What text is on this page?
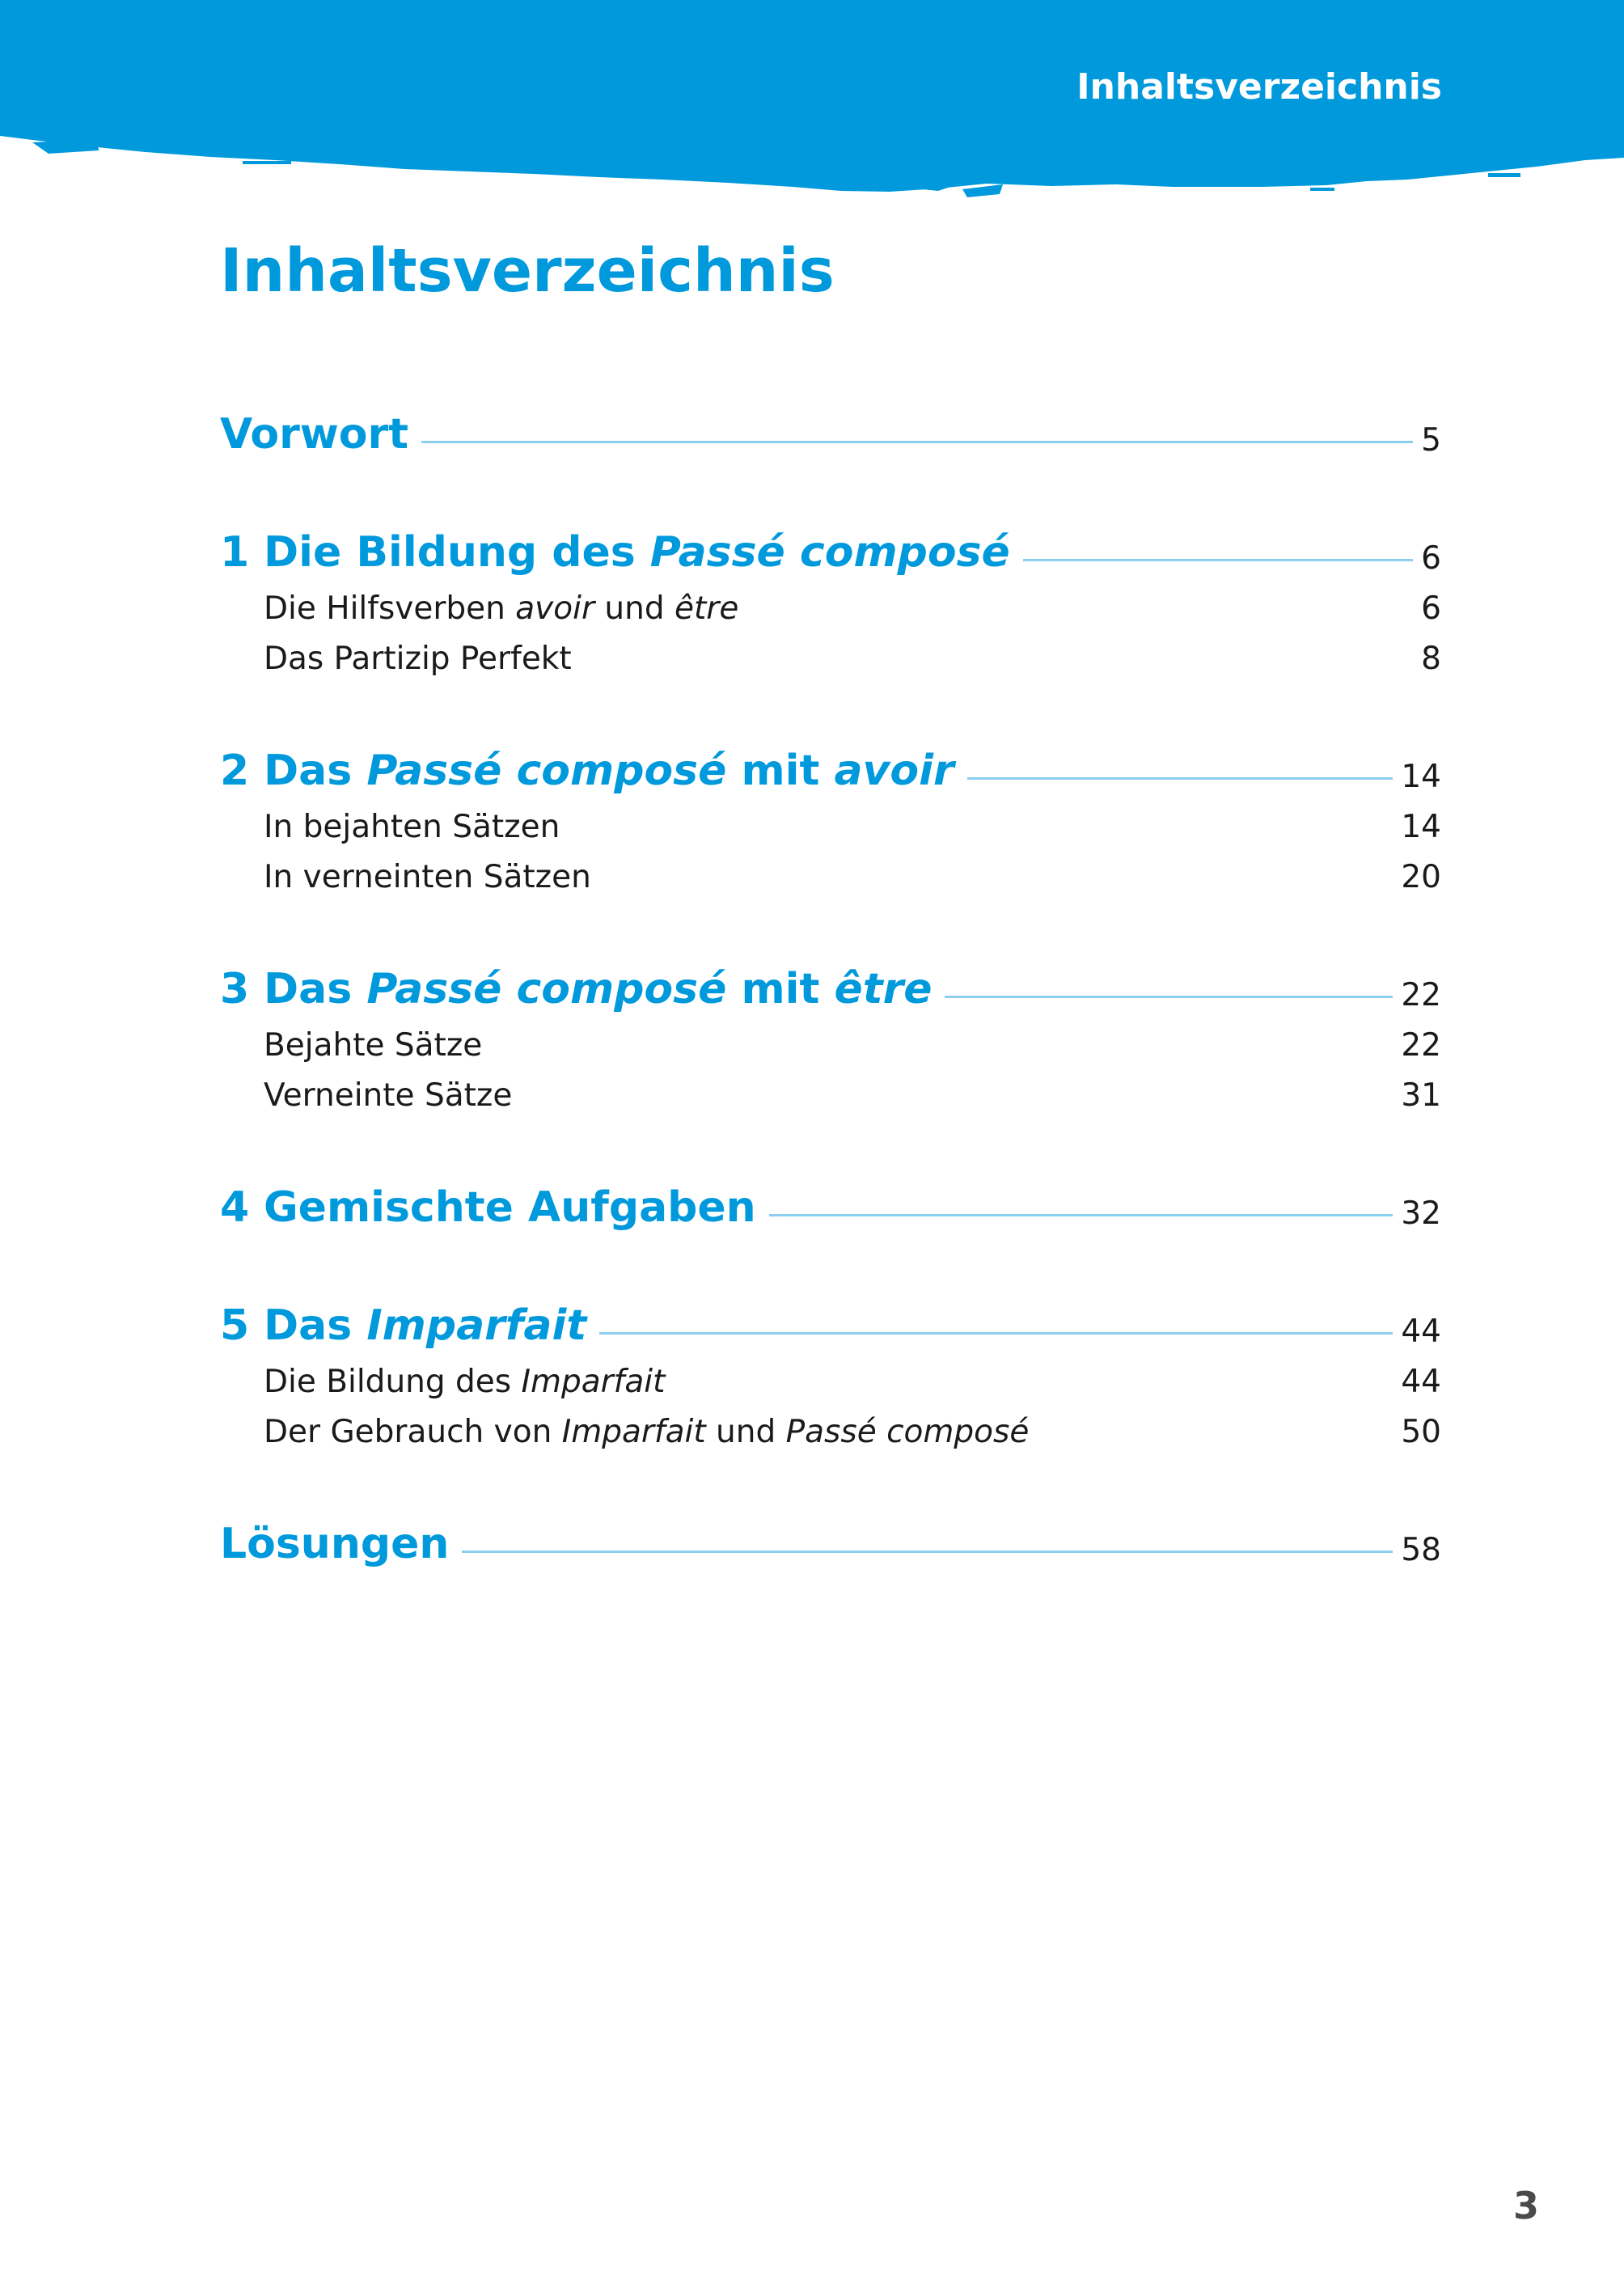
Inhaltsverzeichnis
Inhaltsverzeichnis
Vorwort	5
1 Die Bildung des Passé composé	6
Die Hilfsverben avoir und être	6
Das Partizip Perfekt	8
2 Das Passé composé mit avoir	14
In bejahten Sätzen	14
In verneinten Sätzen	20
3 Das Passé composé mit être	22
Bejahte Sätze	22
Verneinte Sätze	31
4 Gemischte Aufgaben	32
5 Das Imparfait	44
Die Bildung des Imparfait	44
Der Gebrauch von Imparfait und Passé composé	50
Lösungen	58
3
